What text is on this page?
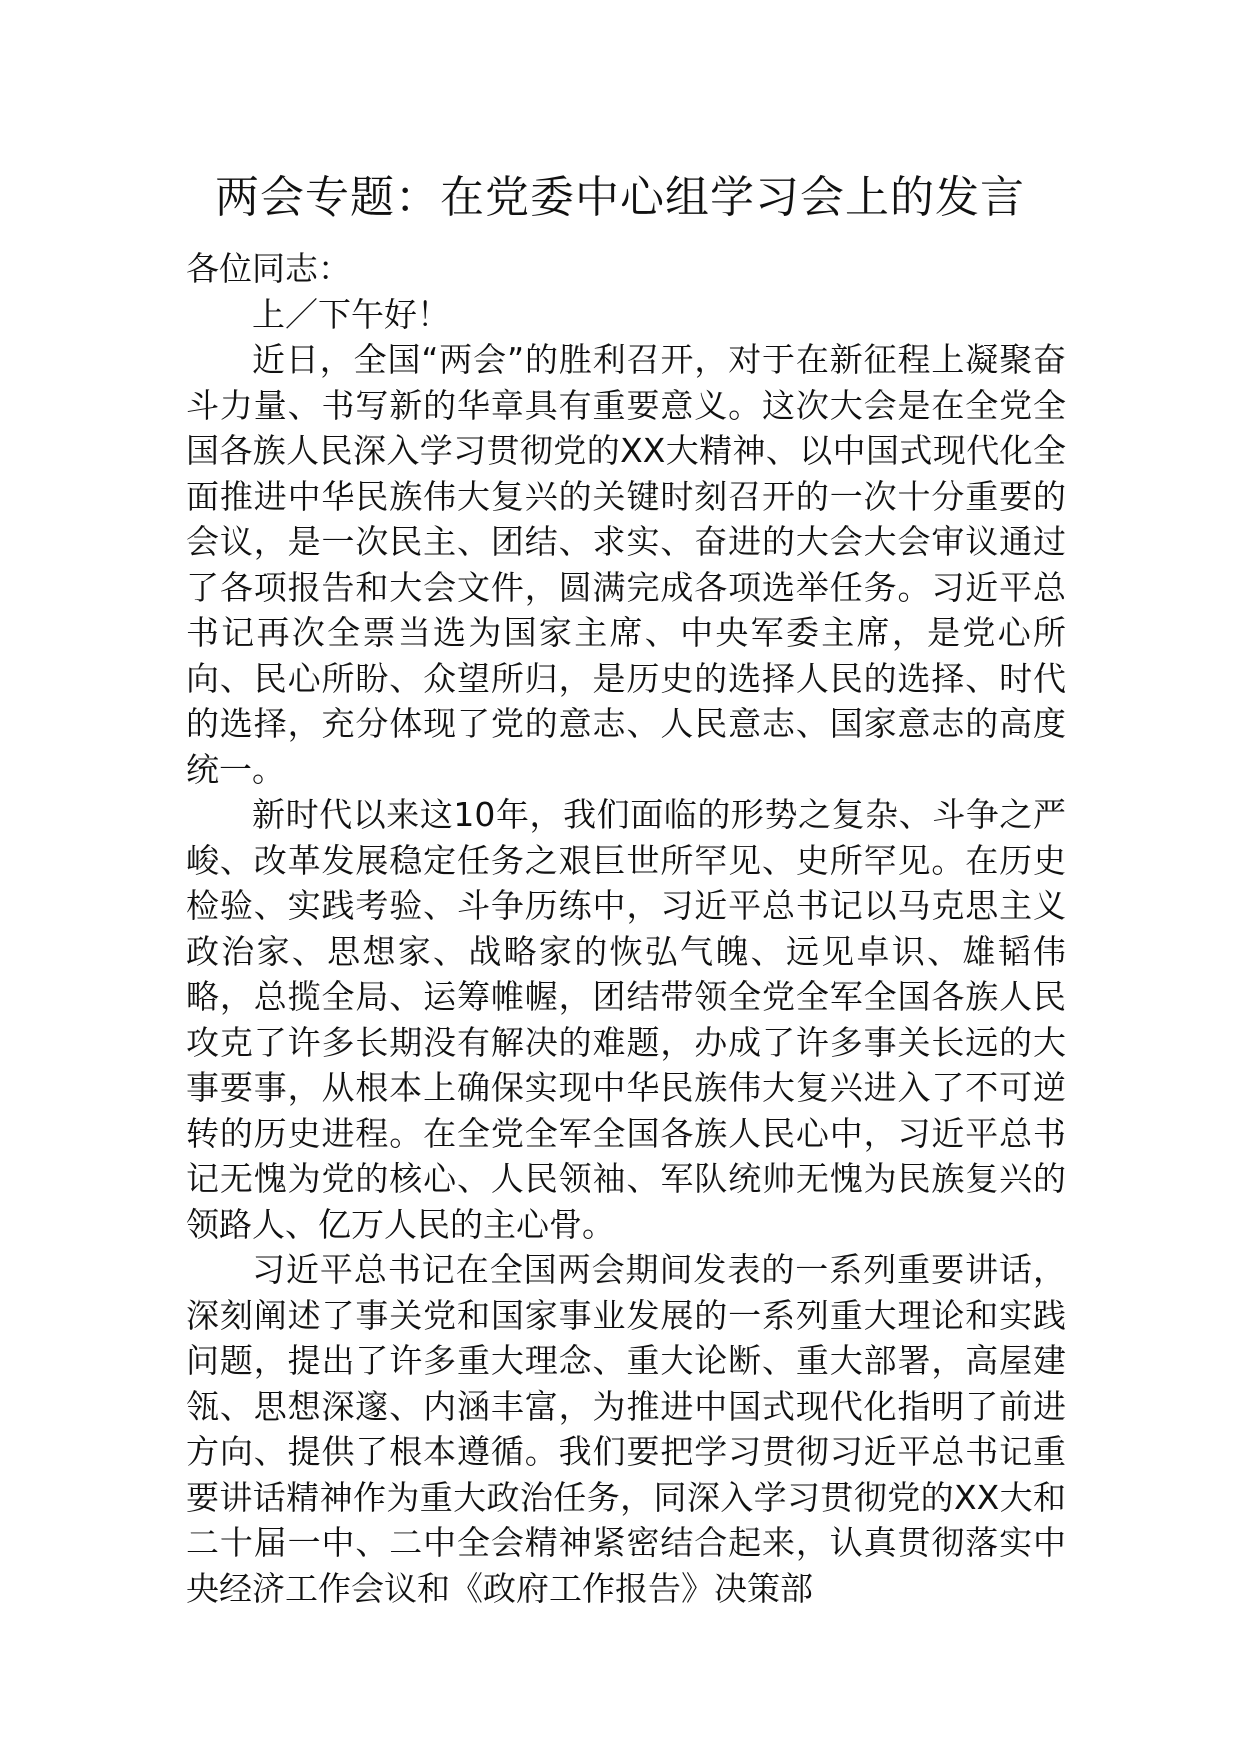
两会专题：在党委中心组学习会上的发言

各位同志：

上／下午好！

近日，全国“两会”的胜利召开，对于在新征程上凝聚奋斗力量、书写新的华章具有重要意义。这次大会是在全党全国各族人民深入学习贯彻党的XX大精神、以中国式现代化全面推进中华民族伟大复兴的关键时刻召开的一次十分重要的会议，是一次民主、团结、求实、奋进的大会大会审议通过了各项报告和大会文件，圆满完成各项选举任务。习近平总书记再次全票当选为国家主席、中央军委主席，是党心所向、民心所盼、众望所归，是历史的选择人民的选择、时代的选择，充分体现了党的意志、人民意志、国家意志的高度统一。

新时代以来这10年，我们面临的形势之复杂、斗争之严峻、改革发展稳定任务之艰巨世所罕见、史所罕见。在历史检验、实践考验、斗争历练中，习近平总书记以马克思主义政治家、思想家、战略家的恢弘气魄、远见卓识、雄韬伟略，总揽全局、运筹帷幄，团结带领全党全军全国各族人民攻克了许多长期没有解决的难题，办成了许多事关长远的大事要事，从根本上确保实现中华民族伟大复兴进入了不可逆转的历史进程。在全党全军全国各族人民心中，习近平总书记无愧为党的核心、人民领袖、军队统帅无愧为民族复兴的领路人、亿万人民的主心骨。

习近平总书记在全国两会期间发表的一系列重要讲话，深刻阐述了事关党和国家事业发展的一系列重大理论和实践问题，提出了许多重大理念、重大论断、重大部署，高屋建瓴、思想深邃、内涵丰富，为推进中国式现代化指明了前进方向、提供了根本遵循。我们要把学习贯彻习近平总书记重要讲话精神作为重大政治任务，同深入学习贯彻党的XX大和二十届一中、二中全会精神紧密结合起来，认真贯彻落实中央经济工作会议和《政府工作报告》决策部
